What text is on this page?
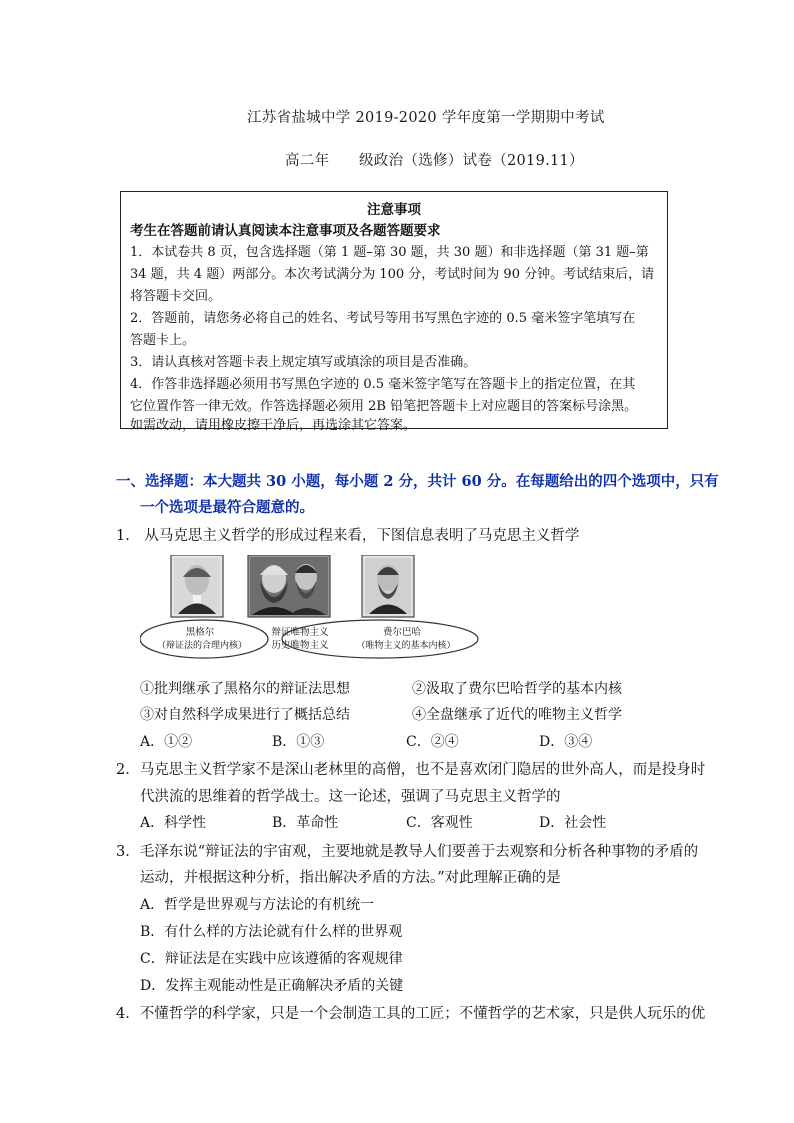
江苏省盐城中学 2019-2020 学年度第一学期期中考试
高二年　　级政治（选修）试卷（2019.11）
注意事项
考生在答题前请认真阅读本注意事项及各题答题要求
1．本试卷共 8 页，包含选择题（第 1 题–第 30 题，共 30 题）和非选择题（第 31 题–第
34 题，共 4 题）两部分。本次考试满分为 100 分，考试时间为 90 分钟。考试结束后，请
将答题卡交回。
2．答题前，请您务必将自己的姓名、考试号等用书写黑色字迹的 0.5 毫米签字笔填写在
答题卡上。
3．请认真核对答题卡表上规定填写或填涂的项目是否准确。
4．作答非选择题必须用书写黑色字迹的 0.5 毫米签字笔写在答题卡上的指定位置，在其
它位置作答一律无效。作答选择题必须用 2B 铅笔把答题卡上对应题目的答案标号涂黑。
如需改动，请用橡皮擦干净后，再选涂其它答案。
一、选择题：本大题共 30 小题，每小题 2 分，共计 60 分。在每题给出的四个选项中，只有
一个选项是最符合题意的。
1.　从马克思主义哲学的形成过程来看，下图信息表明了马克思主义哲学
黑格尔
（辩证法的合理内核）
辩证唯物主义
历史唯物主义
费尔巴哈
（唯物主义的基本内核）
①批判继承了黑格尔的辩证法思想	②汲取了费尔巴哈哲学的基本内核
③对自然科学成果进行了概括总结	④全盘继承了近代的唯物主义哲学
A．①②	B．①③	C．②④	D．③④
2．马克思主义哲学家不是深山老林里的高僧，也不是喜欢闭门隐居的世外高人，而是投身时
代洪流的思维着的哲学战士。这一论述，强调了马克思主义哲学的
A．科学性	B．革命性	C．客观性	D．社会性
3．毛泽东说“辩证法的宇宙观，主要地就是教导人们要善于去观察和分析各种事物的矛盾的
运动，并根据这种分析，指出解决矛盾的方法。”对此理解正确的是
A．哲学是世界观与方法论的有机统一
B．有什么样的方法论就有什么样的世界观
C．辩证法是在实践中应该遵循的客观规律
D．发挥主观能动性是正确解决矛盾的关键
4．不懂哲学的科学家，只是一个会制造工具的工匠；不懂哲学的艺术家，只是供人玩乐的优
